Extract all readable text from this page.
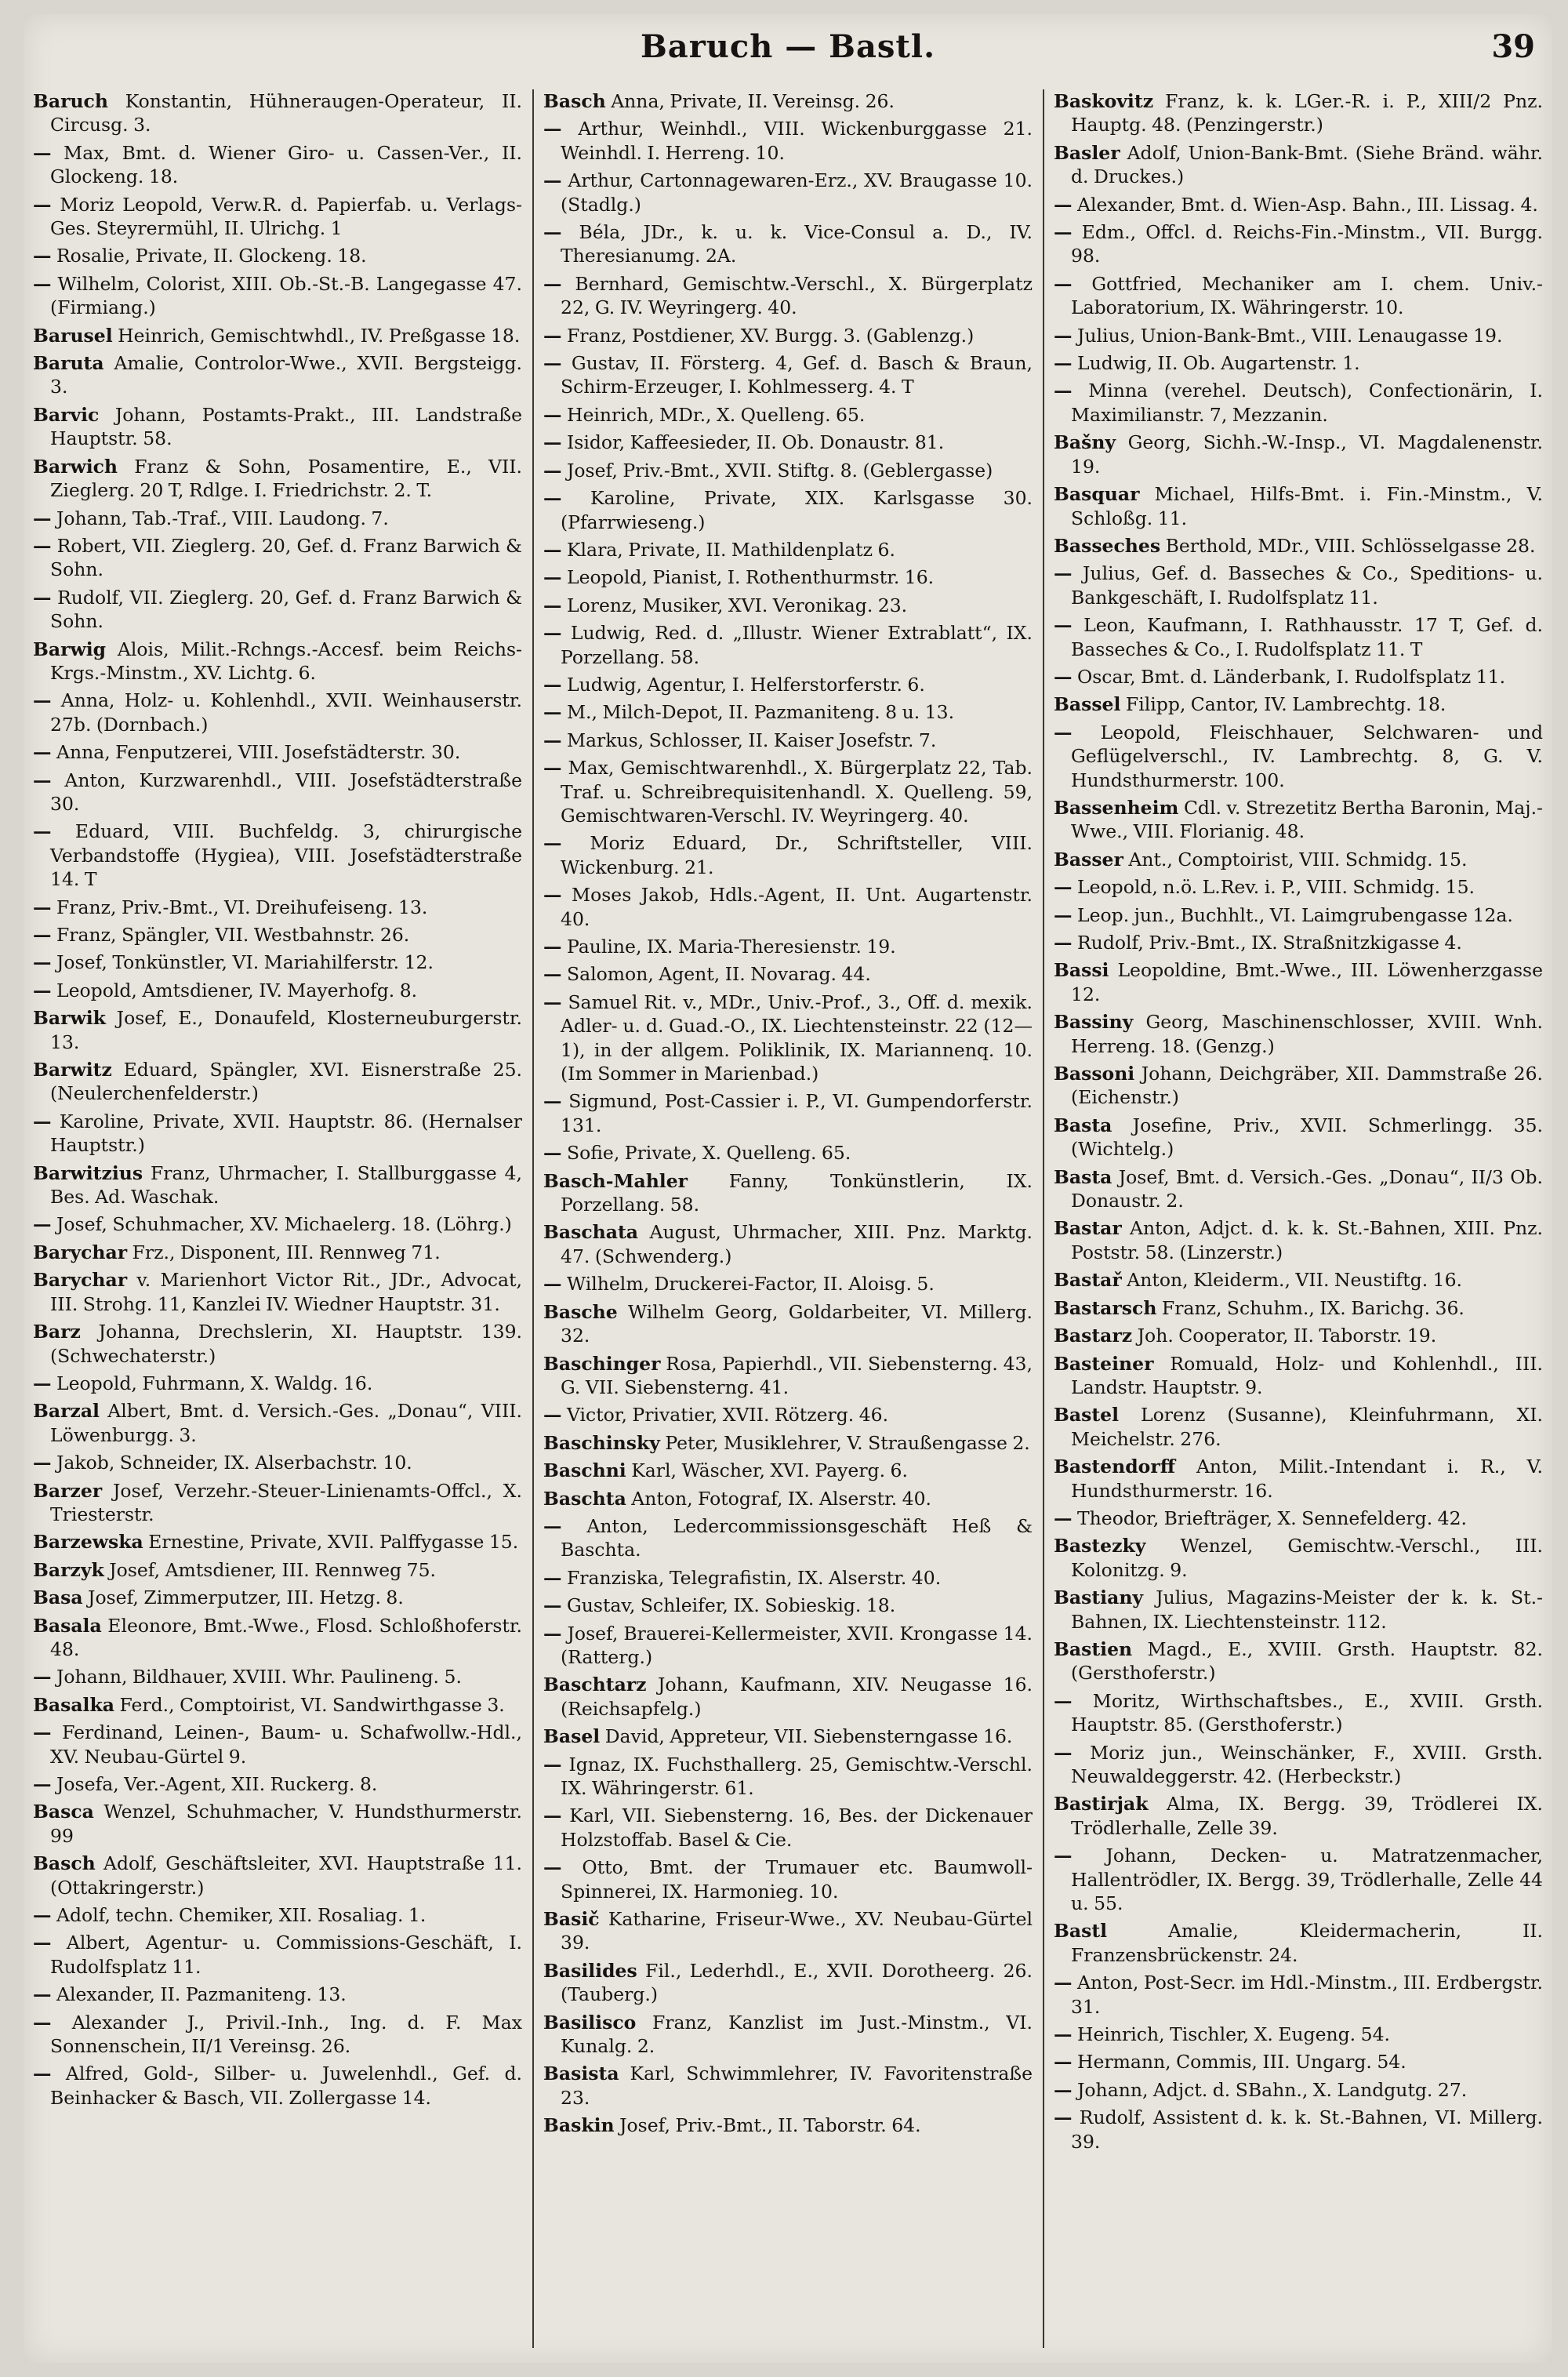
Baruch — Bastl.	39

Baruch Konstantin, Hühneraugen-Operateur, II. Circusg. 3.

— Max, Bmt. d. Wiener Giro- u. Cassen-Ver., II. Glockeng. 18.

— Moriz Leopold, Verw.R. d. Papierfab. u. Verlags-Ges. Steyrermühl, II. Ulrichg. 1

— Rosalie, Private, II. Glockeng. 18.

— Wilhelm, Colorist, XIII. Ob.-St.-B. Langegasse 47. (Firmiang.)

Barusel Heinrich, Gemischtwhdl., IV. Preßgasse 18.

Baruta Amalie, Controlor-Wwe., XVII. Bergsteigg. 3.

Barvic Johann, Postamts-Prakt., III. Landstraße Hauptstr. 58.

Barwich Franz & Sohn, Posamentire, E., VII. Zieglerg. 20 T, Rdlge. I. Friedrichstr. 2. T.

— Johann, Tab.-Traf., VIII. Laudong. 7.

— Robert, VII. Zieglerg. 20, Gef. d. Franz Barwich & Sohn.

— Rudolf, VII. Zieglerg. 20, Gef. d. Franz Barwich & Sohn.

Barwig Alois, Milit.-Rchngs.-Accesf. beim Reichs-Krgs.-Minstm., XV. Lichtg. 6.

— Anna, Holz- u. Kohlenhdl., XVII. Weinhauserstr. 27b. (Dornbach.)

— Anna, Fenputzerei, VIII. Josefstädterstr. 30.

— Anton, Kurzwarenhdl., VIII. Josefstädterstraße 30.

— Eduard, VIII. Buchfeldg. 3, chirurgische Verbandstoffe (Hygiea), VIII. Josefstädterstraße 14. T

— Franz, Priv.-Bmt., VI. Dreihufeiseng. 13.

— Franz, Spängler, VII. Westbahnstr. 26.

— Josef, Tonkünstler, VI. Mariahilferstr. 12.

— Leopold, Amtsdiener, IV. Mayerhofg. 8.

Barwik Josef, E., Donaufeld, Klosterneuburgerstr. 13.

Barwitz Eduard, Spängler, XVI. Eisnerstraße 25. (Neulerchenfelderstr.)

— Karoline, Private, XVII. Hauptstr. 86. (Hernalser Hauptstr.)

Barwitzius Franz, Uhrmacher, I. Stallburggasse 4, Bes. Ad. Waschak.

— Josef, Schuhmacher, XV. Michaelerg. 18. (Löhrg.)

Barychar Frz., Disponent, III. Rennweg 71.

Barychar v. Marienhort Victor Rit., JDr., Advocat, III. Strohg. 11, Kanzlei IV. Wiedner Hauptstr. 31.

Barz Johanna, Drechslerin, XI. Hauptstr. 139. (Schwechaterstr.)

— Leopold, Fuhrmann, X. Waldg. 16.

Barzal Albert, Bmt. d. Versich.-Ges. „Donau“, VIII. Löwenburgg. 3.

— Jakob, Schneider, IX. Alserbachstr. 10.

Barzer Josef, Verzehr.-Steuer-Linienamts-Offcl., X. Triesterstr.

Barzewska Ernestine, Private, XVII. Palffygasse 15.

Barzyk Josef, Amtsdiener, III. Rennweg 75.

Basa Josef, Zimmerputzer, III. Hetzg. 8.

Basala Eleonore, Bmt.-Wwe., Flosd. Schloßhoferstr. 48.

— Johann, Bildhauer, XVIII. Whr. Paulineng. 5.

Basalka Ferd., Comptoirist, VI. Sandwirthgasse 3.

— Ferdinand, Leinen-, Baum- u. Schafwollw.-Hdl., XV. Neubau-Gürtel 9.

— Josefa, Ver.-Agent, XII. Ruckerg. 8.

Basca Wenzel, Schuhmacher, V. Hundsthurmerstr. 99

Basch Adolf, Geschäftsleiter, XVI. Hauptstraße 11. (Ottakringerstr.)

— Adolf, techn. Chemiker, XII. Rosaliag. 1.

— Albert, Agentur- u. Commissions-Geschäft, I. Rudolfsplatz 11.

— Alexander, II. Pazmaniteng. 13.

— Alexander J., Privil.-Inh., Ing. d. F. Max Sonnenschein, II/1 Vereinsg. 26.

— Alfred, Gold-, Silber- u. Juwelenhdl., Gef. d. Beinhacker & Basch, VII. Zollergasse 14.

Basch Anna, Private, II. Vereinsg. 26.

— Arthur, Weinhdl., VIII. Wickenburggasse 21. Weinhdl. I. Herreng. 10.

— Arthur, Cartonnagewaren-Erz., XV. Braugasse 10. (Stadlg.)

— Béla, JDr., k. u. k. Vice-Consul a. D., IV. Theresianumg. 2A.

— Bernhard, Gemischtw.-Verschl., X. Bürgerplatz 22, G. IV. Weyringerg. 40.

— Franz, Postdiener, XV. Burgg. 3. (Gablenzg.)

— Gustav, II. Försterg. 4, Gef. d. Basch & Braun, Schirm-Erzeuger, I. Kohlmesserg. 4. T

— Heinrich, MDr., X. Quelleng. 65.

— Isidor, Kaffeesieder, II. Ob. Donaustr. 81.

— Josef, Priv.-Bmt., XVII. Stiftg. 8. (Geblergasse)

— Karoline, Private, XIX. Karlsgasse 30. (Pfarrwieseng.)

— Klara, Private, II. Mathildenplatz 6.

— Leopold, Pianist, I. Rothenthurmstr. 16.

— Lorenz, Musiker, XVI. Veronikag. 23.

— Ludwig, Red. d. „Illustr. Wiener Extrablatt“, IX. Porzellang. 58.

— Ludwig, Agentur, I. Helferstorferstr. 6.

— M., Milch-Depot, II. Pazmaniteng. 8 u. 13.

— Markus, Schlosser, II. Kaiser Josefstr. 7.

— Max, Gemischtwarenhdl., X. Bürgerplatz 22, Tab. Traf. u. Schreibrequisitenhandl. X. Quelleng. 59, Gemischtwaren-Verschl. IV. Weyringerg. 40.

— Moriz Eduard, Dr., Schriftsteller, VIII. Wickenburg. 21.

— Moses Jakob, Hdls.-Agent, II. Unt. Augartenstr. 40.

— Pauline, IX. Maria-Theresienstr. 19.

— Salomon, Agent, II. Novarag. 44.

— Samuel Rit. v., MDr., Univ.-Prof., 3., Off. d. mexik. Adler- u. d. Guad.-O., IX. Liechtensteinstr. 22 (12—1), in der allgem. Poliklinik, IX. Mariannenq. 10. (Im Sommer in Marienbad.)

— Sigmund, Post-Cassier i. P., VI. Gumpendorferstr. 131.

— Sofie, Private, X. Quelleng. 65.

Basch-Mahler Fanny, Tonkünstlerin, IX. Porzellang. 58.

Baschata August, Uhrmacher, XIII. Pnz. Marktg. 47. (Schwenderg.)

— Wilhelm, Druckerei-Factor, II. Aloisg. 5.

Basche Wilhelm Georg, Goldarbeiter, VI. Millerg. 32.

Baschinger Rosa, Papierhdl., VII. Siebensterng. 43, G. VII. Siebensterng. 41.

— Victor, Privatier, XVII. Rötzerg. 46.

Baschinsky Peter, Musiklehrer, V. Straußengasse 2.

Baschni Karl, Wäscher, XVI. Payerg. 6.

Baschta Anton, Fotograf, IX. Alserstr. 40.

— Anton, Ledercommissionsgeschäft Heß & Baschta.

— Franziska, Telegrafistin, IX. Alserstr. 40.

— Gustav, Schleifer, IX. Sobieskig. 18.

— Josef, Brauerei-Kellermeister, XVII. Krongasse 14. (Ratterg.)

Baschtarz Johann, Kaufmann, XIV. Neugasse 16. (Reichsapfelg.)

Basel David, Appreteur, VII. Siebensterngasse 16.

— Ignaz, IX. Fuchsthallerg. 25, Gemischtw.-Verschl. IX. Währingerstr. 61.

— Karl, VII. Siebensterng. 16, Bes. der Dickenauer Holzstoffab. Basel & Cie.

— Otto, Bmt. der Trumauer etc. Baumwoll-Spinnerei, IX. Harmonieg. 10.

Basič Katharine, Friseur-Wwe., XV. Neubau-Gürtel 39.

Basilides Fil., Lederhdl., E., XVII. Dorotheerg. 26. (Tauberg.)

Basilisco Franz, Kanzlist im Just.-Minstm., VI. Kunalg. 2.

Basista Karl, Schwimmlehrer, IV. Favoritenstraße 23.

Baskin Josef, Priv.-Bmt., II. Taborstr. 64.

Baskovitz Franz, k. k. LGer.-R. i. P., XIII/2 Pnz. Hauptg. 48. (Penzingerstr.)

Basler Adolf, Union-Bank-Bmt. (Siehe Bränd. währ. d. Druckes.)

— Alexander, Bmt. d. Wien-Asp. Bahn., III. Lissag. 4.

— Edm., Offcl. d. Reichs-Fin.-Minstm., VII. Burgg. 98.

— Gottfried, Mechaniker am I. chem. Univ.-Laboratorium, IX. Währingerstr. 10.

— Julius, Union-Bank-Bmt., VIII. Lenaugasse 19.

— Ludwig, II. Ob. Augartenstr. 1.

— Minna (verehel. Deutsch), Confectionärin, I. Maximilianstr. 7, Mezzanin.

Bašny Georg, Sichh.-W.-Insp., VI. Magdalenenstr. 19.

Basquar Michael, Hilfs-Bmt. i. Fin.-Minstm., V. Schloßg. 11.

Basseches Berthold, MDr., VIII. Schlösselgasse 28.

— Julius, Gef. d. Basseches & Co., Speditions- u. Bankgeschäft, I. Rudolfsplatz 11.

— Leon, Kaufmann, I. Rathhausstr. 17 T, Gef. d. Basseches & Co., I. Rudolfsplatz 11. T

— Oscar, Bmt. d. Länderbank, I. Rudolfsplatz 11.

Bassel Filipp, Cantor, IV. Lambrechtg. 18.

— Leopold, Fleischhauer, Selchwaren- und Geflügelverschl., IV. Lambrechtg. 8, G. V. Hundsthurmerstr. 100.

Bassenheim Cdl. v. Strezetitz Bertha Baronin, Maj.-Wwe., VIII. Florianig. 48.

Basser Ant., Comptoirist, VIII. Schmidg. 15.

— Leopold, n.ö. L.Rev. i. P., VIII. Schmidg. 15.

— Leop. jun., Buchhlt., VI. Laimgrubengasse 12a.

— Rudolf, Priv.-Bmt., IX. Straßnitzkigasse 4.

Bassi Leopoldine, Bmt.-Wwe., III. Löwenherzgasse 12.

Bassiny Georg, Maschinenschlosser, XVIII. Wnh. Herreng. 18. (Genzg.)

Bassoni Johann, Deichgräber, XII. Dammstraße 26. (Eichenstr.)

Basta Josefine, Priv., XVII. Schmerlingg. 35. (Wichtelg.)

Basta Josef, Bmt. d. Versich.-Ges. „Donau“, II/3 Ob. Donaustr. 2.

Bastar Anton, Adjct. d. k. k. St.-Bahnen, XIII. Pnz. Poststr. 58. (Linzerstr.)

Bastař Anton, Kleiderm., VII. Neustiftg. 16.

Bastarsch Franz, Schuhm., IX. Barichg. 36.

Bastarz Joh. Cooperator, II. Taborstr. 19.

Basteiner Romuald, Holz- und Kohlenhdl., III. Landstr. Hauptstr. 9.

Bastel Lorenz (Susanne), Kleinfuhrmann, XI. Meichelstr. 276.

Bastendorff Anton, Milit.-Intendant i. R., V. Hundsthurmerstr. 16.

— Theodor, Briefträger, X. Sennefelderg. 42.

Bastezky Wenzel, Gemischtw.-Verschl., III. Kolonitzg. 9.

Bastiany Julius, Magazins-Meister der k. k. St.-Bahnen, IX. Liechtensteinstr. 112.

Bastien Magd., E., XVIII. Grsth. Hauptstr. 82. (Gersthoferstr.)

— Moritz, Wirthschaftsbes., E., XVIII. Grsth. Hauptstr. 85. (Gersthoferstr.)

— Moriz jun., Weinschänker, F., XVIII. Grsth. Neuwaldeggerstr. 42. (Herbeckstr.)

Bastirjak Alma, IX. Bergg. 39, Trödlerei IX. Trödlerhalle, Zelle 39.

— Johann, Decken- u. Matratzenmacher, Hallentrödler, IX. Bergg. 39, Trödlerhalle, Zelle 44 u. 55.

Bastl	Amalie, Kleidermacherin, II. Franzensbrückenstr. 24.

— Anton, Post-Secr. im Hdl.-Minstm., III. Erdbergstr. 31.

— Heinrich, Tischler, X. Eugeng. 54.

— Hermann, Commis, III. Ungarg. 54.

— Johann, Adjct. d. SBahn., X. Landgutg. 27.

— Rudolf, Assistent d. k. k. St.-Bahnen, VI. Millerg. 39.
